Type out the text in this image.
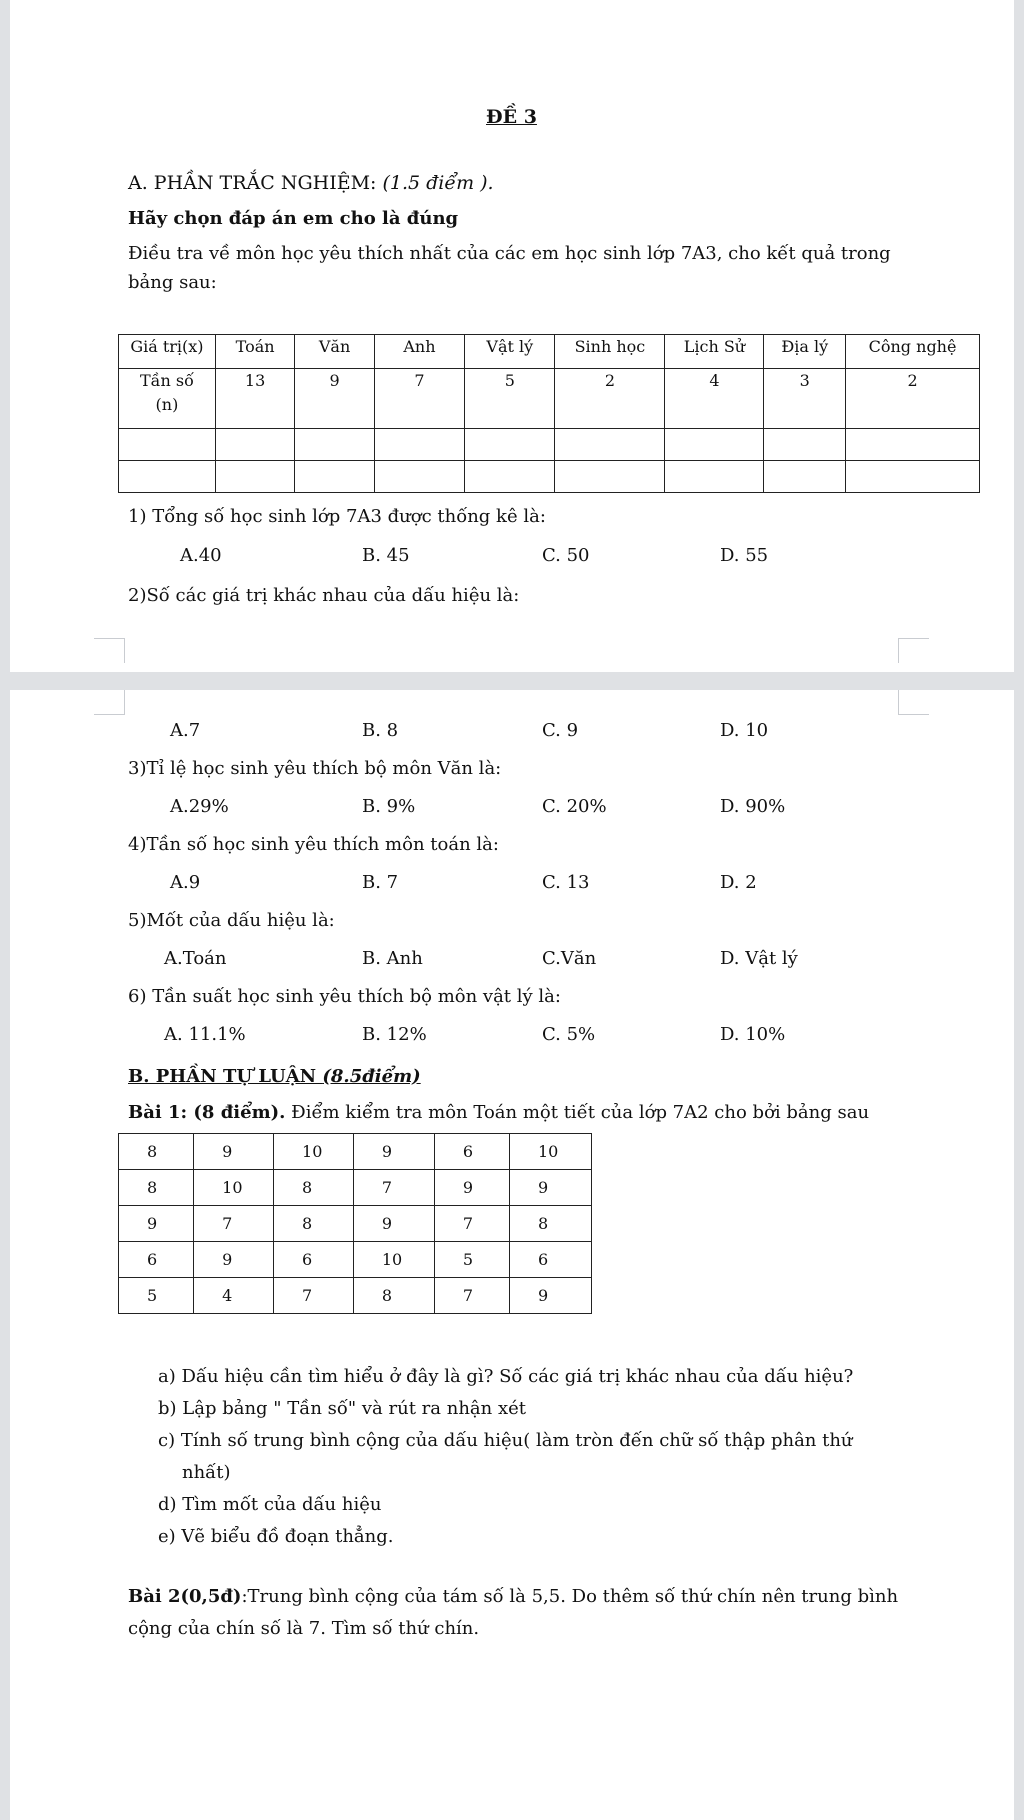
ĐỀ 3
A. PHẦN TRẮC NGHIỆM: (1.5 điểm ).
Hãy chọn đáp án em cho là đúng
Điều tra về môn học yêu thích nhất của các em học sinh lớp 7A3, cho kết quả trong
bảng sau:
Giá trị(x)	Toán	Văn	Anh	Vật lý	Sinh học	Lịch Sử	Địa lý	Công nghệ
Tần số
(n)	13	9	7	5	2	4	3	2

1) Tổng số học sinh lớp 7A3 được thống kê là:
A.40	B. 45	C. 50	D. 55
2)Số các giá trị khác nhau của dấu hiệu là:
A.7	B. 8	C. 9	D. 10
3)Tỉ lệ học sinh yêu thích bộ môn Văn là:
A.29%	B. 9%	C. 20%	D. 90%
4)Tần số học sinh yêu thích môn toán là:
A.9	B. 7	C. 13	D. 2
5)Mốt của dấu hiệu là:
A.Toán	B. Anh	C.Văn	D. Vật lý
6) Tần suất học sinh yêu thích bộ môn vật lý là:
A. 11.1%	B. 12%	C. 5%	D. 10%
B. PHẦN TỰ LUẬN (8.5điểm)
Bài 1: (8 điểm). Điểm kiểm tra môn Toán một tiết của lớp 7A2 cho bởi bảng sau
8	9	10	9	6	10
8	10	8	7	9	9
9	7	8	9	7	8
6	9	6	10	5	6
5	4	7	8	7	9
a) Dấu hiệu cần tìm hiểu ở đây là gì? Số các giá trị khác nhau của dấu hiệu?
b) Lập bảng " Tần số" và rút ra nhận xét
c) Tính số trung bình cộng của dấu hiệu( làm tròn đến chữ số thập phân thứ
nhất)
d) Tìm mốt của dấu hiệu
e) Vẽ biểu đồ đoạn thẳng.
Bài 2(0,5đ):Trung bình cộng của tám số là 5,5. Do thêm số thứ chín nên trung bình
cộng của chín số là 7. Tìm số thứ chín.
